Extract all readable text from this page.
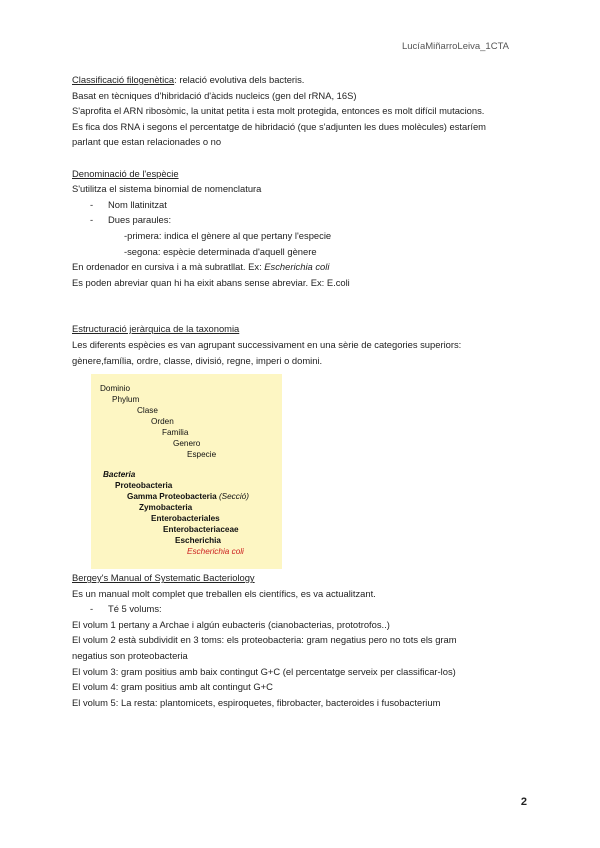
LucíaMiñarroLeiva_1CTA

Classificació filogenètica: relació evolutiva dels bacteris.

Basat en tècniques d'hibridació d'àcids nucleics (gen del rRNA, 16S)

S'aprofita el ARN ribosòmic, la unitat petita i esta molt protegida, entonces es molt difícil mutacions.

Es fica dos RNA i segons el percentatge de hibridació (que s'adjunten les dues molècules) estaríem

parlant que estan relacionades o no

Denominació de l'espècie

S'utilitza el sistema binomial de nomenclatura

- Nom llatinitzat

- Dues paraules:

-primera: indica el gènere al que pertany l'especie

-segona: espècie determinada d'aquell gènere

En ordenador en cursiva i a mà subratllat. Ex: Escherichia coli

Es poden abreviar quan hi ha eixit abans sense abreviar. Ex: E.coli

Estructuració jeràrquica de la taxonomia

Les diferents espècies es van agrupant successivament en una sèrie de categories superiors:

gènere,família, ordre, classe, divisió, regne, imperi o domini.

Dominio
Phylum
Clase
Orden
Familia
Genero
Especie
Bacteria
Proteobacteria
Gamma Proteobacteria (Secció)
Zymobacteria
Enterobacteriales
Enterobacteriaceae
Escherichia
Escherichia coli

Bergey's Manual of Systematic Bacteriology

Es un manual molt complet que treballen els científics, es va actualitzant.

- Té 5 volums:

El volum 1 pertany a Archae i algún eubacteris (cianobacterias, prototrofos..)

El volum 2 està subdividit en 3 toms: els proteobacteria: gram negatius pero no tots els gram

negatius son proteobacteria

El volum 3: gram positius amb baix contingut G+C (el percentatge serveix per classificar-los)

El volum 4: gram positius amb alt contingut G+C

El volum 5: La resta: plantomicets, espiroquetes, fibrobacter, bacteroides i fusobacterium

2
